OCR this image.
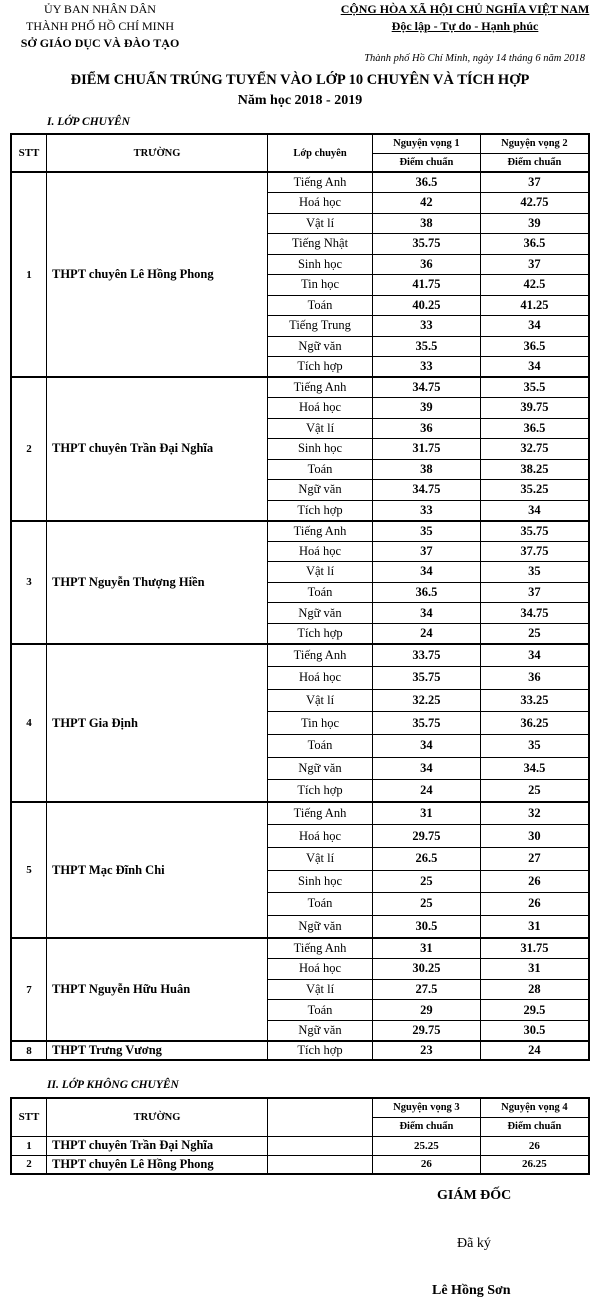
ỦY BAN NHÂN DÂN
THÀNH PHỐ HỒ CHÍ MINH
SỞ GIÁO DỤC VÀ ĐÀO TẠO
CỘNG HÒA XÃ HỘI CHỦ NGHĨA VIỆT NAM
Độc lập - Tự do - Hạnh phúc
Thành phố Hồ Chí Minh, ngày 14 tháng 6 năm 2018
ĐIỂM CHUẨN TRÚNG TUYỂN VÀO LỚP 10 CHUYÊN VÀ TÍCH HỢP
Năm học 2018 - 2019
I. LỚP CHUYÊN
STT	TRƯỜNG	Lớp chuyên	Nguyện vọng 1	Nguyện vọng 2
			Điểm chuẩn	Điểm chuẩn
1	THPT chuyên Lê Hồng Phong	Tiếng Anh	36.5	37
		Hoá học	42	42.75
		Vật lí	38	39
		Tiếng Nhật	35.75	36.5
		Sinh học	36	37
		Tin học	41.75	42.5
		Toán	40.25	41.25
		Tiếng Trung	33	34
		Ngữ văn	35.5	36.5
		Tích hợp	33	34
2	THPT chuyên Trần Đại Nghĩa	Tiếng Anh	34.75	35.5
		Hoá học	39	39.75
		Vật lí	36	36.5
		Sinh học	31.75	32.75
		Toán	38	38.25
		Ngữ văn	34.75	35.25
		Tích hợp	33	34
3	THPT Nguyễn Thượng Hiền	Tiếng Anh	35	35.75
		Hoá học	37	37.75
		Vật lí	34	35
		Toán	36.5	37
		Ngữ văn	34	34.75
		Tích hợp	24	25
4	THPT Gia Định	Tiếng Anh	33.75	34
		Hoá học	35.75	36
		Vật lí	32.25	33.25
		Tin học	35.75	36.25
		Toán	34	35
		Ngữ văn	34	34.5
		Tích hợp	24	25
5	THPT Mạc Đĩnh Chi	Tiếng Anh	31	32
		Hoá học	29.75	30
		Vật lí	26.5	27
		Sinh học	25	26
		Toán	25	26
		Ngữ văn	30.5	31
7	THPT Nguyễn Hữu Huân	Tiếng Anh	31	31.75
		Hoá học	30.25	31
		Vật lí	27.5	28
		Toán	29	29.5
		Ngữ văn	29.75	30.5
8	THPT Trưng Vương	Tích hợp	23	24
II. LỚP KHÔNG CHUYÊN
STT	TRƯỜNG		Nguyện vọng 3	Nguyện vọng 4
			Điểm chuẩn	Điểm chuẩn
1	THPT chuyên Trần Đại Nghĩa		25.25	26
2	THPT chuyên Lê Hồng Phong		26	26.25
GIÁM ĐỐC
Đã ký
Lê Hồng Sơn
